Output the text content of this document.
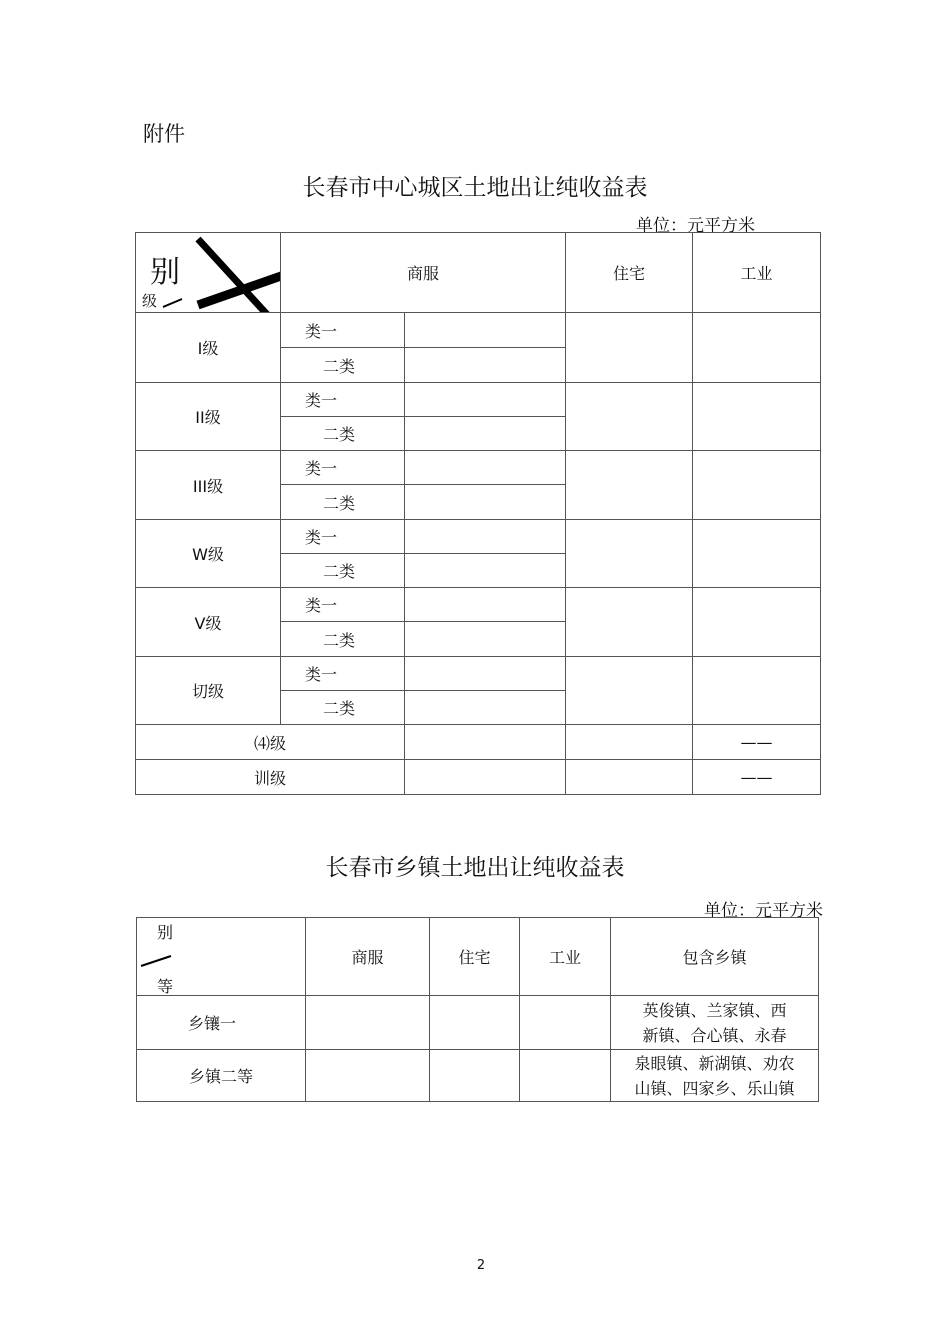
附件
长春市中心城区土地出让纯收益表
单位：元平方米
别
级	商服		住宅	工业
I级	类一			
	二类			
II级	类一			
	二类			
III级	类一			
	二类			
W级	类一			
	二类			
V级	类一			
	二类			
切级	类一			
	二类			
⑷级				——
训级				——
长春市乡镇土地出让纯收益表
单位：元平方米
别
等	商服	住宅	工业	包含乡镇
乡镶一				英俊镇、兰家镇、西
新镇、合心镇、永春

乡镇二等				泉眼镇、新湖镇、劝农
山镇、四家乡、乐山镇
2
